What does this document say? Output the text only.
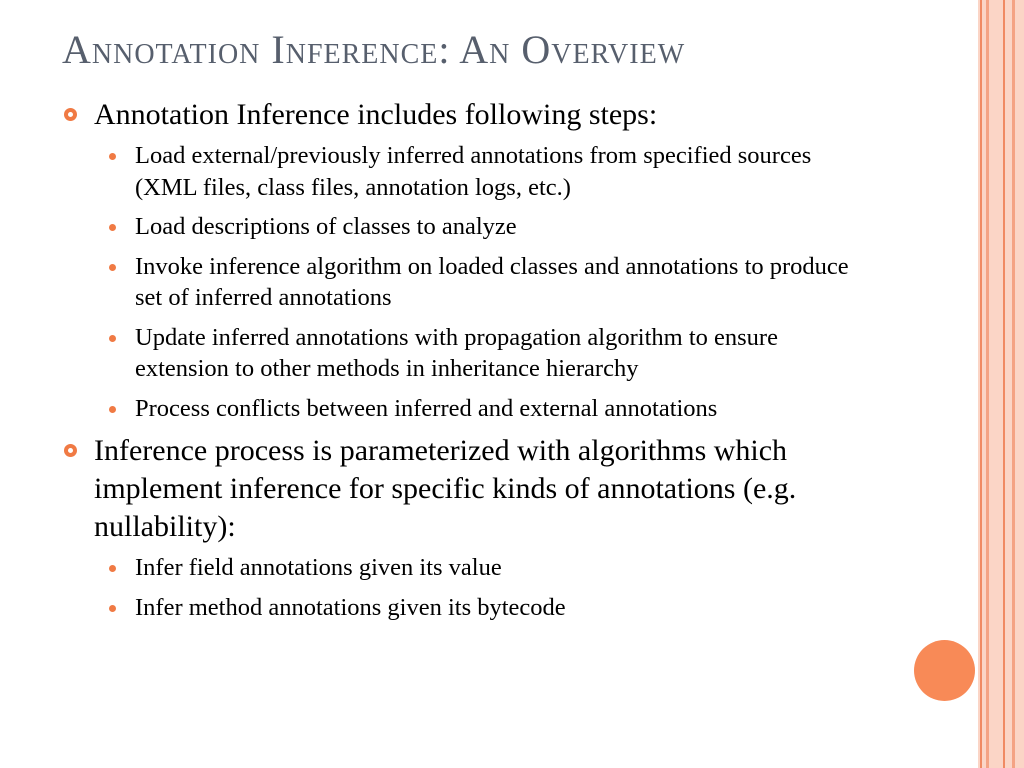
Annotation Inference: An Overview
Annotation Inference includes following steps:
Load external/previously inferred annotations from specified sources (XML files, class files, annotation logs, etc.)
Load descriptions of classes to analyze
Invoke inference algorithm on loaded classes and annotations to produce set of inferred annotations
Update inferred annotations with propagation algorithm to ensure extension to other methods in inheritance hierarchy
Process conflicts between inferred and external annotations
Inference process is parameterized with algorithms which implement inference for specific kinds of annotations (e.g. nullability):
Infer field annotations given its value
Infer method annotations given its bytecode
